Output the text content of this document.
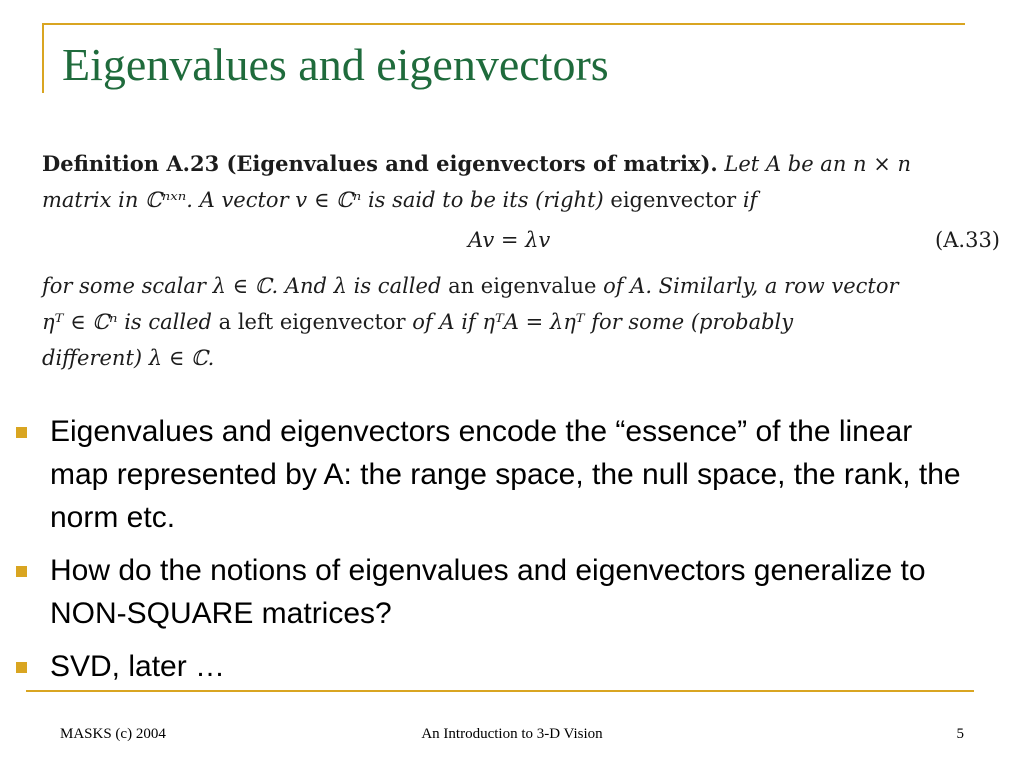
Eigenvalues and eigenvectors
Definition A.23 (Eigenvalues and eigenvectors of matrix). Let A be an n × n
matrix in ℂⁿˣⁿ. A vector v ∈ ℂⁿ is said to be its (right) eigenvector if
Av = λv	(A.33)
for some scalar λ ∈ ℂ. And λ is called an eigenvalue of A. Similarly, a row vector
ηᵀ ∈ ℂⁿ is called a left eigenvector of A if ηᵀA = ληᵀ for some (probably
different) λ ∈ ℂ.
Eigenvalues and eigenvectors encode the “essence” of the linear map represented by A: the range space, the null space, the rank, the norm etc.
How do the notions of eigenvalues and eigenvectors generalize to NON-SQUARE matrices?
SVD, later …
MASKS (c) 2004	An Introduction to 3-D Vision	5
